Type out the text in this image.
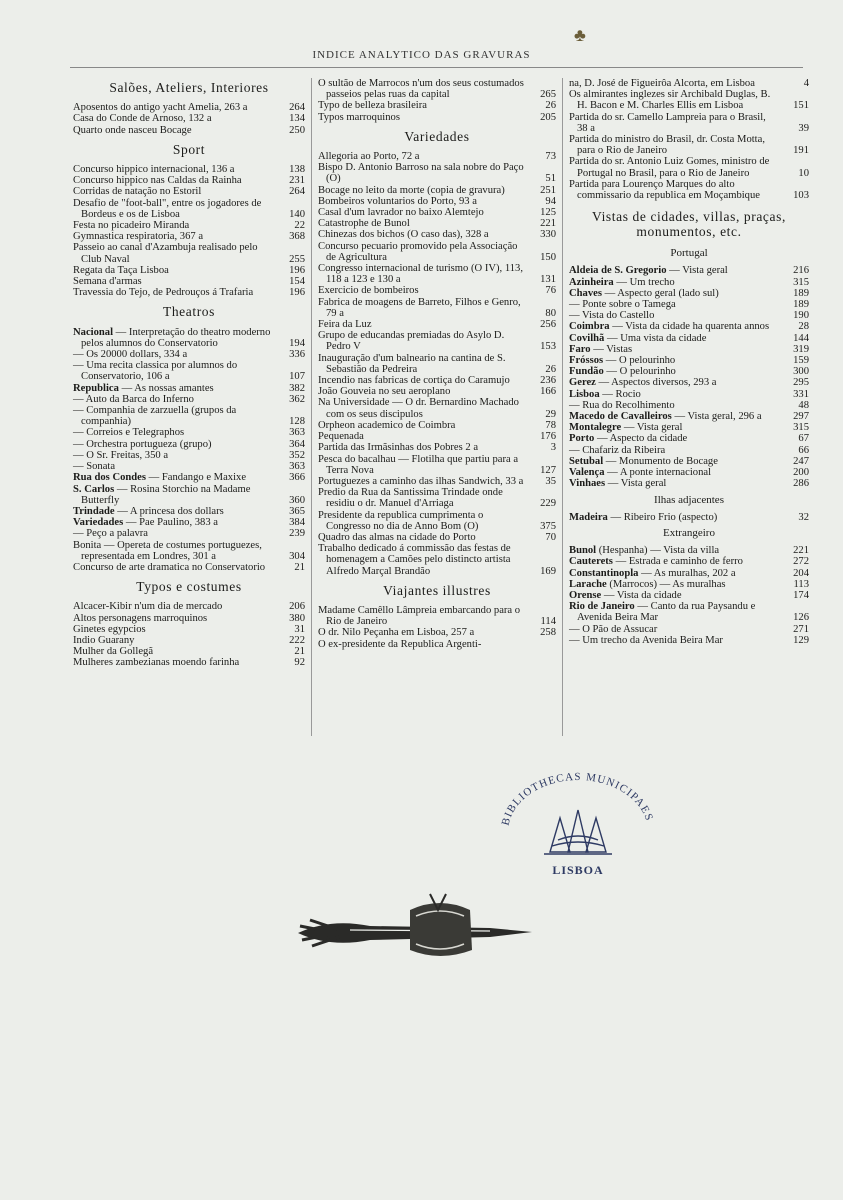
♣
INDICE ANALYTICO DAS GRAVURAS
Salões, Ateliers, Interiores
Aposentos do antigo yacht Amelia, 263 a	264
Casa do Conde de Arnoso, 132 a	134
Quarto onde nasceu Bocage	250
Sport
Concurso hippico internacional, 136 a	138
Concurso hippico nas Caldas da Rainha	231
Corridas de natação no Estoril	264
Desafio de "foot-ball", entre os jogadores de Bordeus e os de Lisboa	140
Festa no picadeiro Miranda	22
Gymnastica respiratoria, 367 a	368
Passeio ao canal d'Azambuja realisado pelo Club Naval	255
Regata da Taça Lisboa	196
Semana d'armas	154
Travessia do Tejo, de Pedrouços á Trafaria	196
Theatros
Nacional — Interpretação do theatro moderno pelos alumnos do Conservatorio	194
— Os 20000 dollars, 334 a	336
— Uma recita classica por alumnos do Conservatorio, 106 a	107
Republica — As nossas amantes	382
— Auto da Barca do Inferno	362
— Companhia de zarzuella (grupos da companhia)	128
— Correios e Telegraphos	363
— Orchestra portugueza (grupo)	364
— O Sr. Freitas, 350 a	352
— Sonata	363
Rua dos Condes — Fandango e Maxixe	366
S. Carlos — Rosina Storchio na Madame Butterfly	360
Trindade — A princesa dos dollars	365
Variedades — Pae Paulino, 383 a	384
— Peço a palavra	239
Bonita — Opereta de costumes portuguezes, representada em Londres, 301 a	304
Concurso de arte dramatica no Conservatorio	21
Typos e costumes
Alcacer-Kibir n'um dia de mercado	206
Altos personagens marroquinos	380
Ginetes egypcios	31
Indio Guarany	222
Mulher da Gollegã	21
Mulheres zambezianas moendo farinha	92
O sultão de Marrocos n'um dos seus costumados passeios pelas ruas da capital	265
Typo de belleza brasileira	26
Typos marroquinos	205
Variedades
Allegoria ao Porto, 72 a	73
Bispo D. Antonio Barroso na sala nobre do Paço (O)	51
Bocage no leito da morte (copia de gravura)	251
Bombeiros voluntarios do Porto, 93 a	94
Casal d'um lavrador no baixo Alemtejo	125
Catastrophe de Bunol	221
Chinezas dos bichos (O caso das), 328 a	330
Concurso pecuario promovido pela Associação de Agricultura	150
Congresso internacional de turismo (O IV), 113, 118 a 123 e 130 a	131
Exercicio de bombeiros	76
Fabrica de moagens de Barreto, Filhos e Genro, 79 a	80
Feira da Luz	256
Grupo de educandas premiadas do Asylo D. Pedro V	153
Inauguração d'um balneario na cantina de S. Sebastião da Pedreira	26
Incendio nas fabricas de cortiça do Caramujo	236
João Gouveia no seu aeroplano	166
Na Universidade — O dr. Bernardino Machado com os seus discipulos	29
Orpheon academico de Coimbra	78
Pequenada	176
Partida das Irmãsinhas dos Pobres 2 a	3
Pesca do bacalhau — Flotilha que partiu para a Terra Nova	127
Portuguezes a caminho das ilhas Sandwich, 33 a	35
Predio da Rua da Santissima Trindade onde residiu o dr. Manuel d'Arriaga	229
Presidente da republica cumprimenta o Congresso no dia de Anno Bom (O)	375
Quadro das almas na cidade do Porto	70
Trabalho dedicado á commissão das festas de homenagem a Camões pelo distincto artista Alfredo Marçal Brandão	169
Viajantes illustres
Madame Camêllo Lâmpreia embarcando para o Rio de Janeiro	114
O dr. Nilo Peçanha em Lisboa, 257 a	258
O ex-presidente da Republica Argenti-
na, D. José de Figueirôa Alcorta, em Lisboa	4
Os almirantes inglezes sir Archibald Duglas, B. H. Bacon e M. Charles Ellis em Lisboa	151
Partida do sr. Camello Lampreia para o Brasil, 38 a	39
Partida do ministro do Brasil, dr. Costa Motta, para o Rio de Janeiro	191
Partida do sr. Antonio Luiz Gomes, ministro de Portugal no Brasil, para o Rio de Janeiro	10
Partida para Lourenço Marques do alto commissario da republica em Moçambique	103
Vistas de cidades, villas, praças, monumentos, etc.
Portugal
Aldeia de S. Gregorio — Vista geral	216
Azinheira — Um trecho	315
Chaves — Aspecto geral (lado sul)	189
— Ponte sobre o Tamega	189
— Vista do Castello	190
Coimbra — Vista da cidade ha quarenta annos	28
Covilhã — Uma vista da cidade	144
Faro — Vistas	319
Fróssos — O pelourinho	159
Fundão — O pelourinho	300
Gerez — Aspectos diversos, 293 a	295
Lisboa — Rocio	331
— Rua do Recolhimento	48
Macedo de Cavalleiros — Vista geral, 296 a	297
Montalegre — Vista geral	315
Porto — Aspecto da cidade	67
— Chafariz da Ribeira	66
Setubal — Monumento de Bocage	247
Valença — A ponte internacional	200
Vinhaes — Vista geral	286
Ilhas adjacentes
Madeira — Ribeiro Frio (aspecto)	32
Extrangeiro
Bunol (Hespanha) — Vista da villa	221
Cauterets — Estrada e caminho de ferro	272
Constantinopla — As muralhas, 202 a	204
Larache (Marrocos) — As muralhas	113
Orense — Vista da cidade	174
Rio de Janeiro — Canto da rua Paysandu e Avenida Beira Mar	126
— O Pão de Assucar	271
— Um trecho da Avenida Beira Mar	129
BIBLIOTHECAS MUNICIPAES
LISBOA
